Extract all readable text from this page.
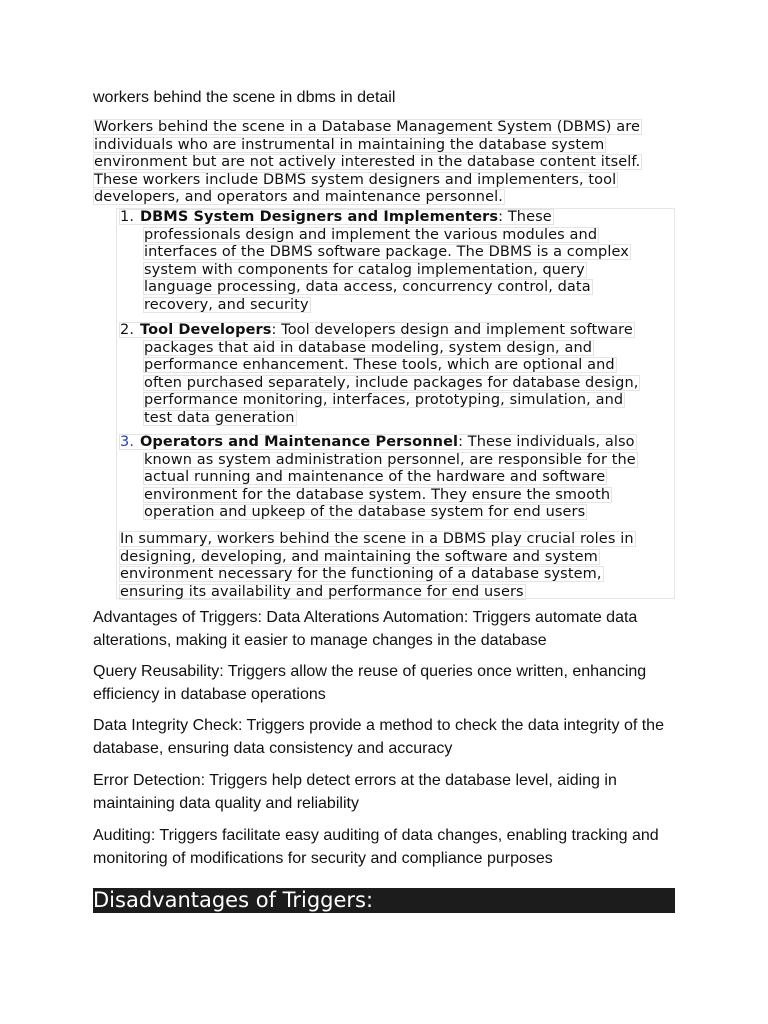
workers behind the scene in dbms in detail
Workers behind the scene in a Database Management System (DBMS) are
individuals who are instrumental in maintaining the database system
environment but are not actively interested in the database content itself.
These workers include DBMS system designers and implementers, tool
developers, and operators and maintenance personnel.
1. DBMS System Designers and Implementers: These
professionals design and implement the various modules and
interfaces of the DBMS software package. The DBMS is a complex
system with components for catalog implementation, query
language processing, data access, concurrency control, data
recovery, and security
2. Tool Developers: Tool developers design and implement software
packages that aid in database modeling, system design, and
performance enhancement. These tools, which are optional and
often purchased separately, include packages for database design,
performance monitoring, interfaces, prototyping, simulation, and
test data generation
3. Operators and Maintenance Personnel: These individuals, also
known as system administration personnel, are responsible for the
actual running and maintenance of the hardware and software
environment for the database system. They ensure the smooth
operation and upkeep of the database system for end users
In summary, workers behind the scene in a DBMS play crucial roles in
designing, developing, and maintaining the software and system
environment necessary for the functioning of a database system,
ensuring its availability and performance for end users
Advantages of Triggers: Data Alterations Automation: Triggers automate data alterations, making it easier to manage changes in the database
Query Reusability: Triggers allow the reuse of queries once written, enhancing efficiency in database operations
Data Integrity Check: Triggers provide a method to check the data integrity of the database, ensuring data consistency and accuracy
Error Detection: Triggers help detect errors at the database level, aiding in maintaining data quality and reliability
Auditing: Triggers facilitate easy auditing of data changes, enabling tracking and monitoring of modifications for security and compliance purposes
Disadvantages of Triggers:
